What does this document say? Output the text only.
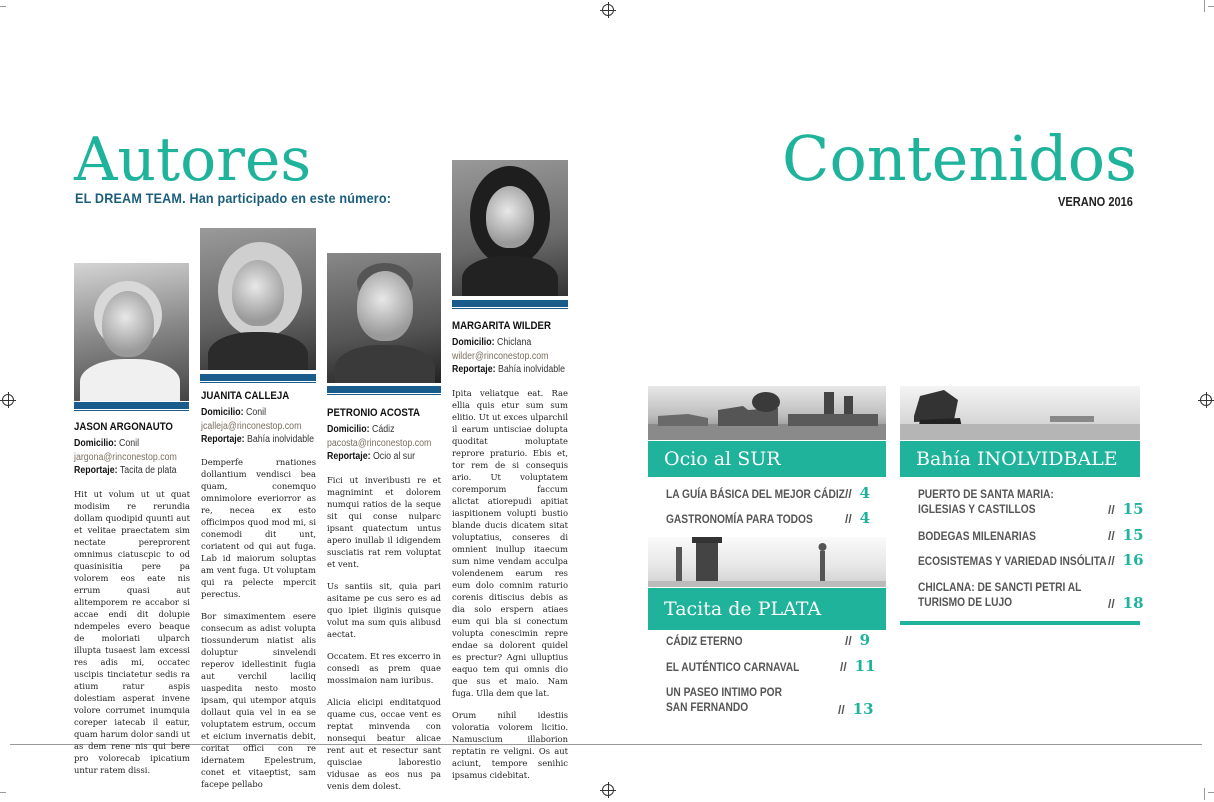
Autores
EL DREAM TEAM. Han participado en este número:
JASON ARGONAUTO
Domicilio: Conil
jargona@rinconestop.com
Reportaje: Tacita de plata

Hit ut volum ut ut quat modisim re rerundia dollam quodipid quunti aut et velitae praectatem sim nectate pereprorent omnimus ciatuscpic to od quasinisitia pere pa volorem eos eate nis errum quasi aut alitemporem re accabor si accae endi dit dolupie ndempeles evero beaque de moloriati ulparch illupta tusaest lam excessi res adis mi, occatec uscipis tinciatetur sedis ra atium ratur aspis dolestiam asperat invene volore corrumet inumquia coreper iatecab il eatur, quam harum dolor sandi ut as dem rene nis qui bere pro volorecab ipicatium untur ratem dissi.

JUANITA CALLEJA
Domicilio: Conil
jcalleja@rinconestop.com
Reportaje: Bahía inolvidable

Demperfe rnationes dollantium vendisci bea quam, conemquo omnimolore everiorror as re, necea ex esto officimpos quod mod mi, si conemodi dit unt, coriatent od qui aut fuga. Lab id maiorum soluptas am vent fuga. Ut voluptam qui ra pelecte mpercit perectus.

Bor simaximentem esere consecum as adist volupta tiossunderum niatist alis doluptur sinvelendi reperov idellestinit fugia aut verchil laciliq uaspedita nesto mosto ipsam, qui utempor atquis dollaut quia vel in ea se voluptatem estrum, occum et eicium invernatis debit, coritat offici con re idernatem Epelestrum, conet et vitaeptist, sam facepe pellabo

PETRONIO ACOSTA
Domicilio: Cádiz
pacosta@rinconestop.com
Reportaje: Ocio al sur

Fici ut inveribusti re et magnimint et dolorem numqui ratios de la seque sit qui conse nulparc ipsant quatectum untus apero inullab il idigendem susciatis rat rem voluptat et vent.

Us santiis sit, quia pari asitame pe cus sero es ad quo ipiet iliginis quisque volut ma sum quis alibusd aectat.

Occatem. Et res excerro in consedi as prem quae mossimaion nam iuribus.

Alicia elicipi enditatquod quame cus, occae vent es reptat minvenda con nonsequi beatur alicae rent aut et resectur sant quisciae laborestio vidusae as eos nus pa venis dem dolest.

MARGARITA WILDER
Domicilio: Chiclana
wilder@rinconestop.com
Reportaje: Bahía inolvidable

Ipita veliatque eat. Rae ellia quis etur sum sum elitio. Ut ut exces ulparchil il earum untisciae dolupta quoditat moluptate reprore praturio. Ebis et, tor rem de si consequis ario. Ut voluptatem coremporum faccum alictat atiorepudi apitiat iaspitionem volupti bustio blande ducis dicatem sitat voluptatius, conseres di omnient inullup itaecum sum nime vendam acculpa volendenem earum res eum dolo comnim raturio corenis ditiscius debis as dia solo erspern atiaes eum qui bla si conectum volupta conescimin repre endae sa dolorent quidel es prectur? Agni ulluptius eaquo tem qui omnis dio que sus et maio. Nam fuga. Ulla dem que lat.

Orum nihil idestiis voloratia volorem licitio. Namuscium illaborion reptatin re veligni. Os aut aciunt, tempore senihic ipsamus cidebitat.

Contenidos
VERANO 2016
Ocio al SUR
LA GUÍA BÁSICA DEL MEJOR CÁDIZ // 4
GASTRONOMÍA PARA TODOS	// 4
Tacita de PLATA
CÁDIZ ETERNO	// 9
EL AUTÉNTICO CARNAVAL	// 11
UN PASEO INTIMO POR
SAN FERNANDO	// 13
Bahía INOLVIDBALE
PUERTO DE SANTA MARIA:
IGLESIAS Y CASTILLOS	// 15
BODEGAS MILENARIAS	// 15
ECOSISTEMAS Y VARIEDAD INSÓLITA // 16
CHICLANA: DE SANCTI PETRI AL
TURISMO DE LUJO	// 18
